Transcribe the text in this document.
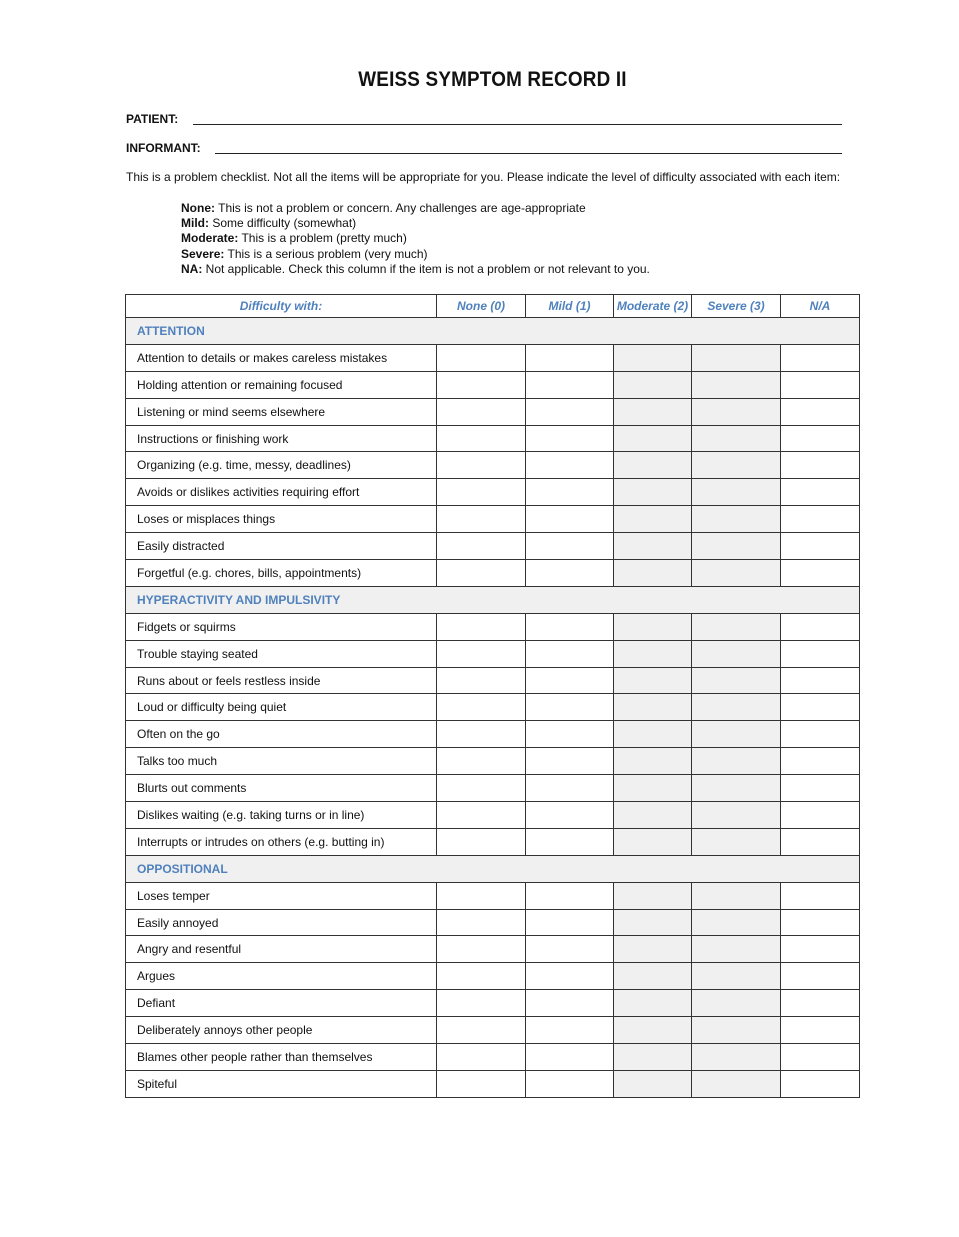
WEISS SYMPTOM RECORD II
PATIENT:
INFORMANT:
This is a problem checklist. Not all the items will be appropriate for you. Please indicate the level of difficulty associated with each item:
None: This is not a problem or concern. Any challenges are age-appropriate
Mild: Some difficulty (somewhat)
Moderate: This is a problem (pretty much)
Severe: This is a serious problem (very much)
NA: Not applicable. Check this column if the item is not a problem or not relevant to you.
Difficulty with:	None (0)	Mild (1)	Moderate (2)	Severe (3)	N/A
ATTENTION					
Attention to details or makes careless mistakes					
Holding attention or remaining focused					
Listening or mind seems elsewhere					
Instructions or finishing work					
Organizing (e.g. time, messy, deadlines)					
Avoids or dislikes activities requiring effort					
Loses or misplaces things					
Easily distracted					
Forgetful (e.g. chores, bills, appointments)					
HYPERACTIVITY AND IMPULSIVITY					
Fidgets or squirms					
Trouble staying seated					
Runs about or feels restless inside					
Loud or difficulty being quiet					
Often on the go					
Talks too much					
Blurts out comments					
Dislikes waiting (e.g. taking turns or in line)					
Interrupts or intrudes on others (e.g. butting in)					
OPPOSITIONAL					
Loses temper					
Easily annoyed					
Angry and resentful					
Argues					
Defiant					
Deliberately annoys other people					
Blames other people rather than themselves					
Spiteful					
